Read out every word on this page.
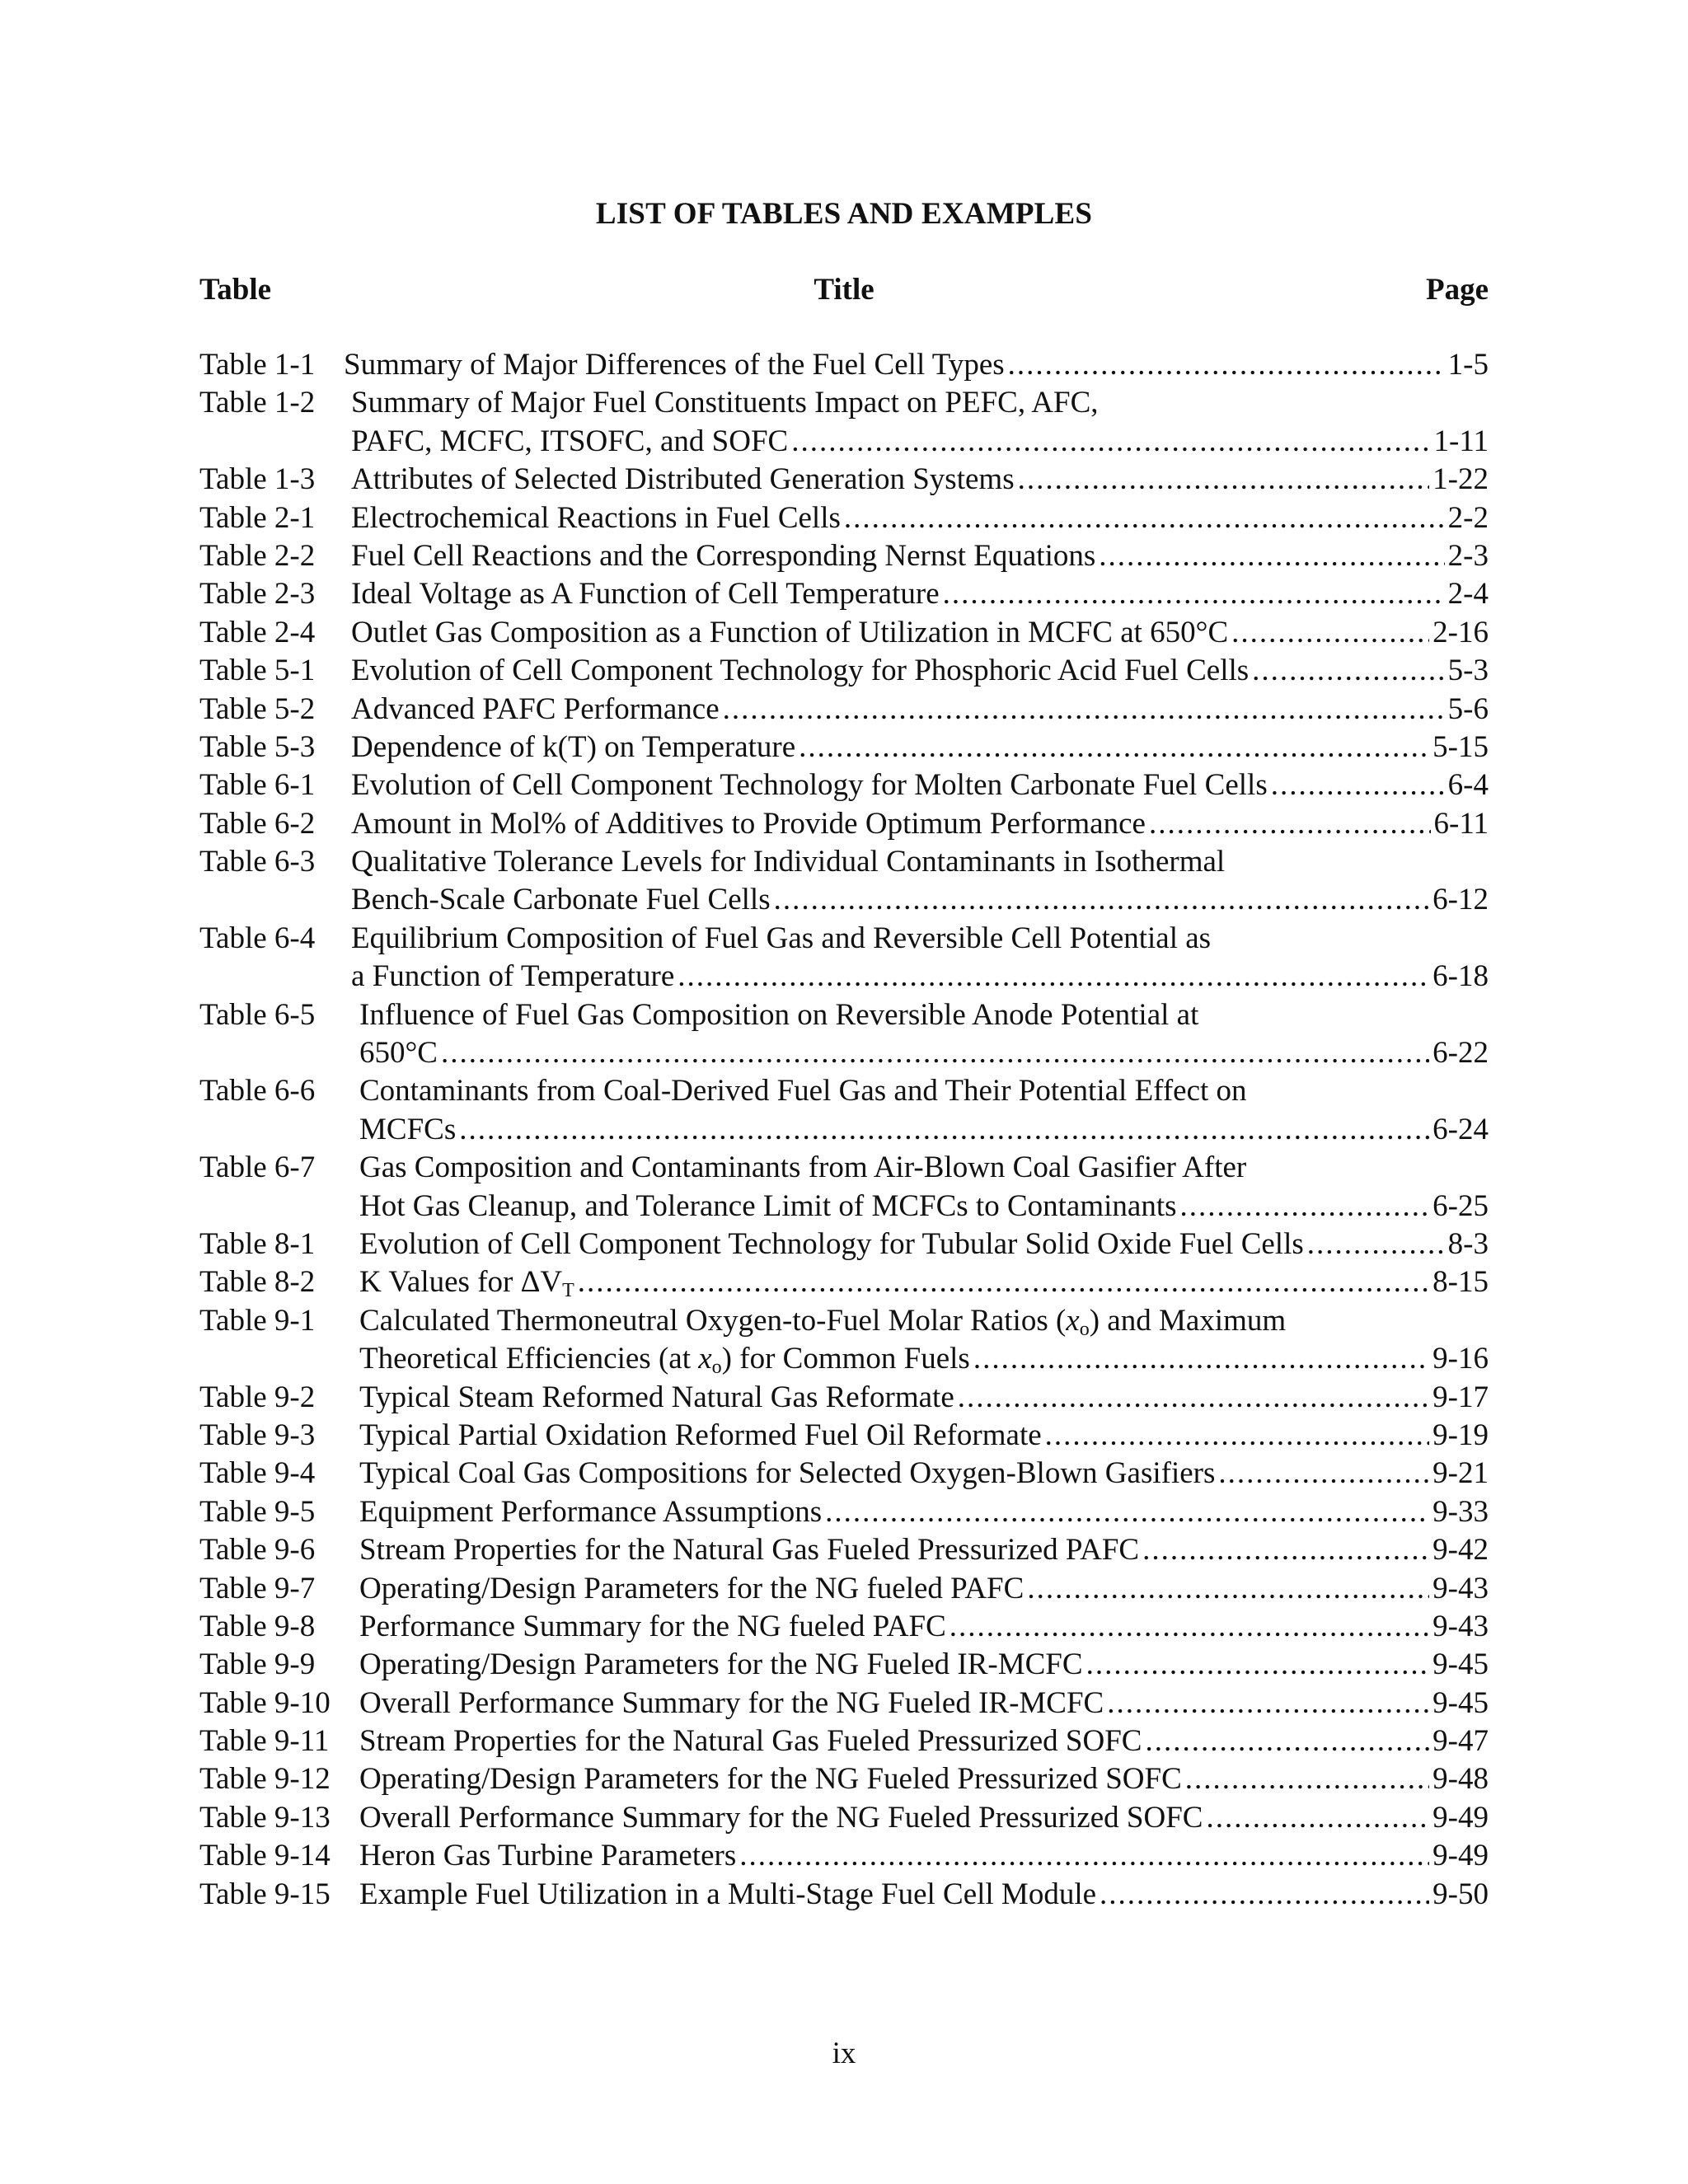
LIST OF TABLES AND EXAMPLES
Table	Title	Page
Table 1-1 Summary of Major Differences of the Fuel Cell Types .....	1-5
Table 1-2	Summary of Major Fuel Constituents Impact on PEFC, AFC,
PAFC, MCFC, ITSOFC, and SOFC .....	1-11
Table 1-3	Attributes of Selected Distributed Generation Systems .....	1-22
Table 2-1	Electrochemical Reactions in Fuel Cells .....	2-2
Table 2-2	Fuel Cell Reactions and the Corresponding Nernst Equations .....	2-3
Table 2-3	Ideal Voltage as A Function of Cell Temperature .....	2-4
Table 2-4	Outlet Gas Composition as a Function of Utilization in MCFC at 650°C .....	2-16
Table 5-1	Evolution of Cell Component Technology for Phosphoric Acid Fuel Cells .....	5-3
Table 5-2	Advanced PAFC Performance .....	5-6
Table 5-3	Dependence of k(T) on Temperature .....	5-15
Table 6-1	Evolution of Cell Component Technology for Molten Carbonate Fuel Cells .....	6-4
Table 6-2	Amount in Mol% of Additives to Provide Optimum Performance .....	6-11
Table 6-3	Qualitative Tolerance Levels for Individual Contaminants in Isothermal
Bench-Scale Carbonate Fuel Cells .....	6-12
Table 6-4	Equilibrium Composition of Fuel Gas and Reversible Cell Potential as
a Function of Temperature .....	6-18
Table 6-5	Influence of Fuel Gas Composition on Reversible Anode Potential at
650°C .....	6-22
Table 6-6	Contaminants from Coal-Derived Fuel Gas and Their Potential Effect on
MCFCs .....	6-24
Table 6-7	Gas Composition and Contaminants from Air-Blown Coal Gasifier After
Hot Gas Cleanup, and Tolerance Limit of MCFCs to Contaminants .....	6-25
Table 8-1	Evolution of Cell Component Technology for Tubular Solid Oxide Fuel Cells .....	8-3
Table 8-2	K Values for $\Delta V_T$ .....	8-15
Table 9-1	Calculated Thermoneutral Oxygen-to-Fuel Molar Ratios $(x_o)$ and Maximum
Theoretical Efficiencies (at $x_o$) for Common Fuels .....	9-16
Table 9-2	Typical Steam Reformed Natural Gas Reformate .....	9-17
Table 9-3	Typical Partial Oxidation Reformed Fuel Oil Reformate .....	9-19
Table 9-4	Typical Coal Gas Compositions for Selected Oxygen-Blown Gasifiers .....	9-21
Table 9-5	Equipment Performance Assumptions .....	9-33
Table 9-6	Stream Properties for the Natural Gas Fueled Pressurized PAFC .....	9-42
Table 9-7	Operating/Design Parameters for the NG fueled PAFC .....	9-43
Table 9-8	Performance Summary for the NG fueled PAFC .....	9-43
Table 9-9	Operating/Design Parameters for the NG Fueled IR-MCFC .....	9-45
Table 9-10 Overall Performance Summary for the NG Fueled IR-MCFC .....	9-45
Table 9-11 Stream Properties for the Natural Gas Fueled Pressurized SOFC .....	9-47
Table 9-12 Operating/Design Parameters for the NG Fueled Pressurized SOFC .....	9-48
Table 9-13 Overall Performance Summary for the NG Fueled Pressurized SOFC .....	9-49
Table 9-14 Heron Gas Turbine Parameters .....	9-49
Table 9-15 Example Fuel Utilization in a Multi-Stage Fuel Cell Module .....	9-50
ix
